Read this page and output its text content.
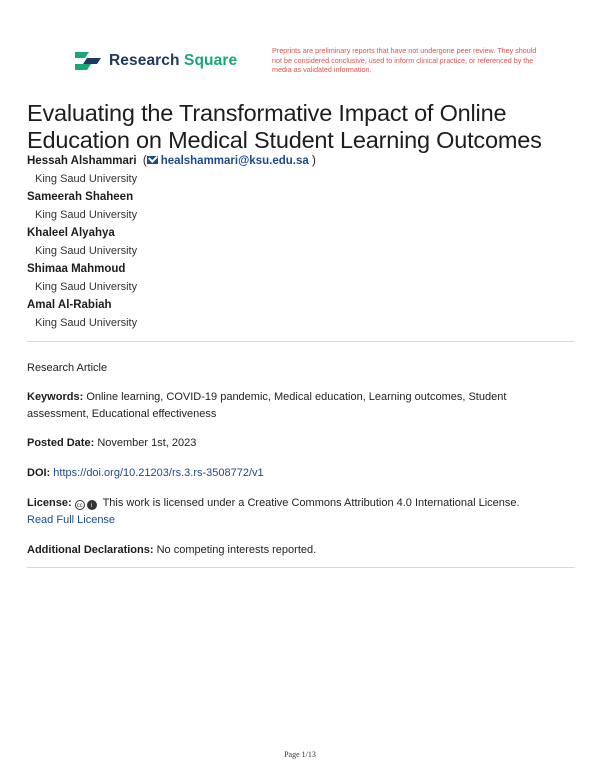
Research Square
Preprints are preliminary reports that have not undergone peer review. They should not be considered conclusive, used to inform clinical practice, or referenced by the media as validated information.
Evaluating the Transformative Impact of Online Education on Medical Student Learning Outcomes
Hessah Alshammari  ( healshammari@ksu.edu.sa )
King Saud University
Sameerah Shaheen
King Saud University
Khaleel Alyahya
King Saud University
Shimaa Mahmoud
King Saud University
Amal Al-Rabiah
King Saud University
Research Article
Keywords: Online learning, COVID-19 pandemic, Medical education, Learning outcomes, Student assessment, Educational effectiveness
Posted Date: November 1st, 2023
DOI: https://doi.org/10.21203/rs.3.rs-3508772/v1
License: cc	i This work is licensed under a Creative Commons Attribution 4.0 International License.
Read Full License
Additional Declarations: No competing interests reported.
Page 1/13
